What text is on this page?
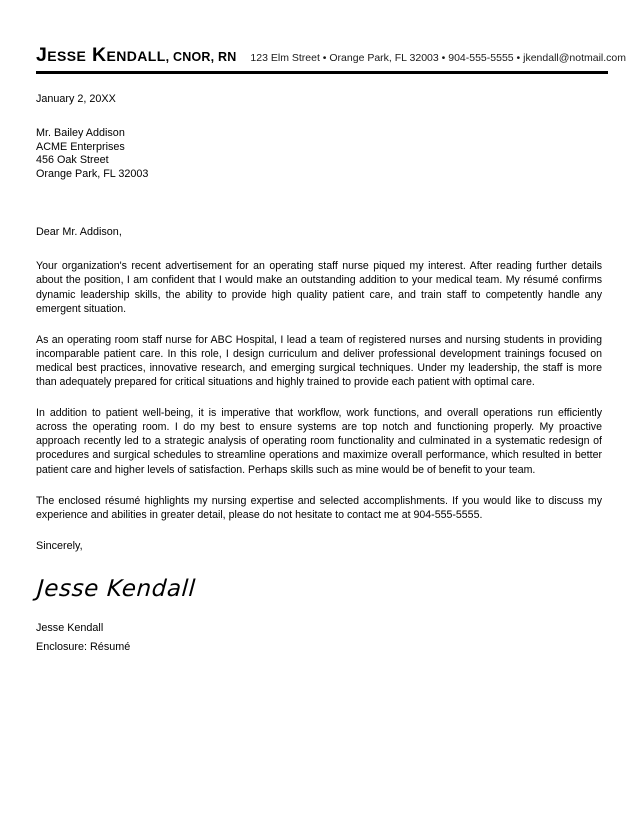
Jesse Kendall, CNOR, RN	123 Elm Street • Orange Park, FL 32003 • 904-555-5555 • jkendall@notmail.com

January 2, 20XX

Mr. Bailey Addison
ACME Enterprises
456 Oak Street
Orange Park, FL 32003

Dear Mr. Addison,

Your organization's recent advertisement for an operating staff nurse piqued my interest. After reading further details about the position, I am confident that I would make an outstanding addition to your medical team. My résumé confirms dynamic leadership skills, the ability to provide high quality patient care, and train staff to competently handle any emergent situation.

As an operating room staff nurse for ABC Hospital, I lead a team of registered nurses and nursing students in providing incomparable patient care. In this role, I design curriculum and deliver professional development trainings focused on medical best practices, innovative research, and emerging surgical techniques. Under my leadership, the staff is more than adequately prepared for critical situations and highly trained to provide each patient with optimal care.

In addition to patient well-being, it is imperative that workflow, work functions, and overall operations run efficiently across the operating room. I do my best to ensure systems are top notch and functioning properly. My proactive approach recently led to a strategic analysis of operating room functionality and culminated in a systematic redesign of procedures and surgical schedules to streamline operations and maximize overall performance, which resulted in better patient care and higher levels of satisfaction. Perhaps skills such as mine would be of benefit to your team.

The enclosed résumé highlights my nursing expertise and selected accomplishments. If you would like to discuss my experience and abilities in greater detail, please do not hesitate to contact me at 904-555-5555.

Sincerely,

Jesse Kendall

Jesse Kendall

Enclosure: Résumé
